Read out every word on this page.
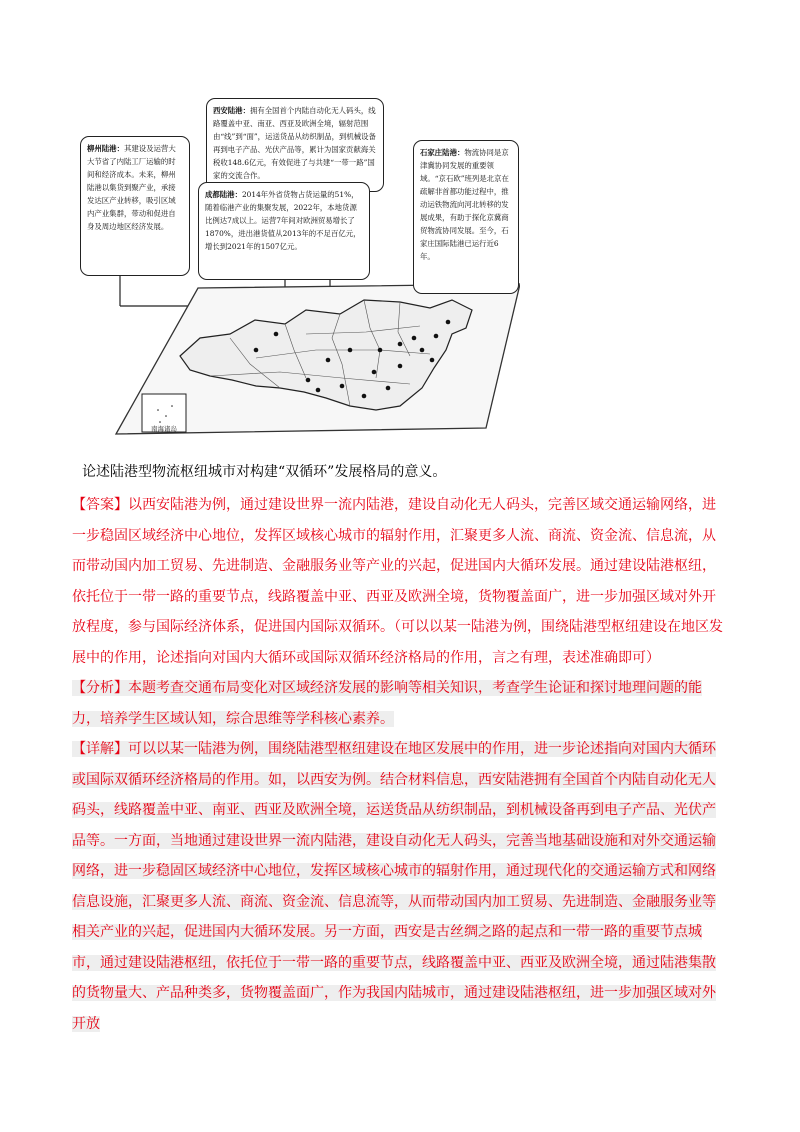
南海诸岛
西安陆港：拥有全国首个内陆自动化无人码头，线路覆盖中亚、南亚、西亚及欧洲全境，辐射范围由“线”到“面”，运送货品从纺织制品，到机械设备再到电子产品、光伏产品等，累计为国家贡献海关税收148.6亿元，有效促进了与共建“一带一路”国家的交流合作。
柳州陆港：其建设及运营大大节省了内陆工厂运输的时间和经济成本。未来，柳州陆港以集货到聚产业，承接发达区产业转移，吸引区域内产业集群，带动和促进自身及周边地区经济发展。
成都陆港：2014年外省货物占货运量的51%，随着临港产业的集聚发展，2022年，本地货源比例达7成以上。运营7年间对欧洲贸易增长了1870%，进出港货值从2013年的不足百亿元，增长到2021年的1507亿元。
石家庄陆港：物流协同是京津冀协同发展的重要领域。“京石欧”班列是北京在疏解非首都功能过程中，推动运铁物流向河北转移的发展成果，有助于探化京冀商贸物流协同发展。至今，石家庄国际陆港已运行近6年。
论述陆港型物流枢纽城市对构建“双循环”发展格局的意义。
【答案】以西安陆港为例，通过建设世界一流内陆港，建设自动化无人码头，完善区域交通运输网络，进一步稳固区域经济中心地位，发挥区域核心城市的辐射作用，汇聚更多人流、商流、资金流、信息流，从而带动国内加工贸易、先进制造、金融服务业等产业的兴起，促进国内大循环发展。通过建设陆港枢纽，依托位于一带一路的重要节点，线路覆盖中亚、西亚及欧洲全境，货物覆盖面广，进一步加强区域对外开放程度，参与国际经济体系，促进国内国际双循环。（可以以某一陆港为例，围绕陆港型枢纽建设在地区发展中的作用，论述指向对国内大循环或国际双循环经济格局的作用，言之有理，表述准确即可）
【分析】本题考查交通布局变化对区域经济发展的影响等相关知识，考查学生论证和探讨地理问题的能力，培养学生区域认知，综合思维等学科核心素养。
【详解】可以以某一陆港为例，围绕陆港型枢纽建设在地区发展中的作用，进一步论述指向对国内大循环或国际双循环经济格局的作用。如，以西安为例。结合材料信息，西安陆港拥有全国首个内陆自动化无人码头，线路覆盖中亚、南亚、西亚及欧洲全境，运送货品从纺织制品，到机械设备再到电子产品、光伏产品等。一方面，当地通过建设世界一流内陆港，建设自动化无人码头，完善当地基础设施和对外交通运输网络，进一步稳固区域经济中心地位，发挥区域核心城市的辐射作用，通过现代化的交通运输方式和网络信息设施，汇聚更多人流、商流、资金流、信息流等，从而带动国内加工贸易、先进制造、金融服务业等相关产业的兴起，促进国内大循环发展。另一方面，西安是古丝绸之路的起点和一带一路的重要节点城市，通过建设陆港枢纽，依托位于一带一路的重要节点，线路覆盖中亚、西亚及欧洲全境，通过陆港集散的货物量大、产品种类多，货物覆盖面广，作为我国内陆城市，通过建设陆港枢纽，进一步加强区域对外开放
